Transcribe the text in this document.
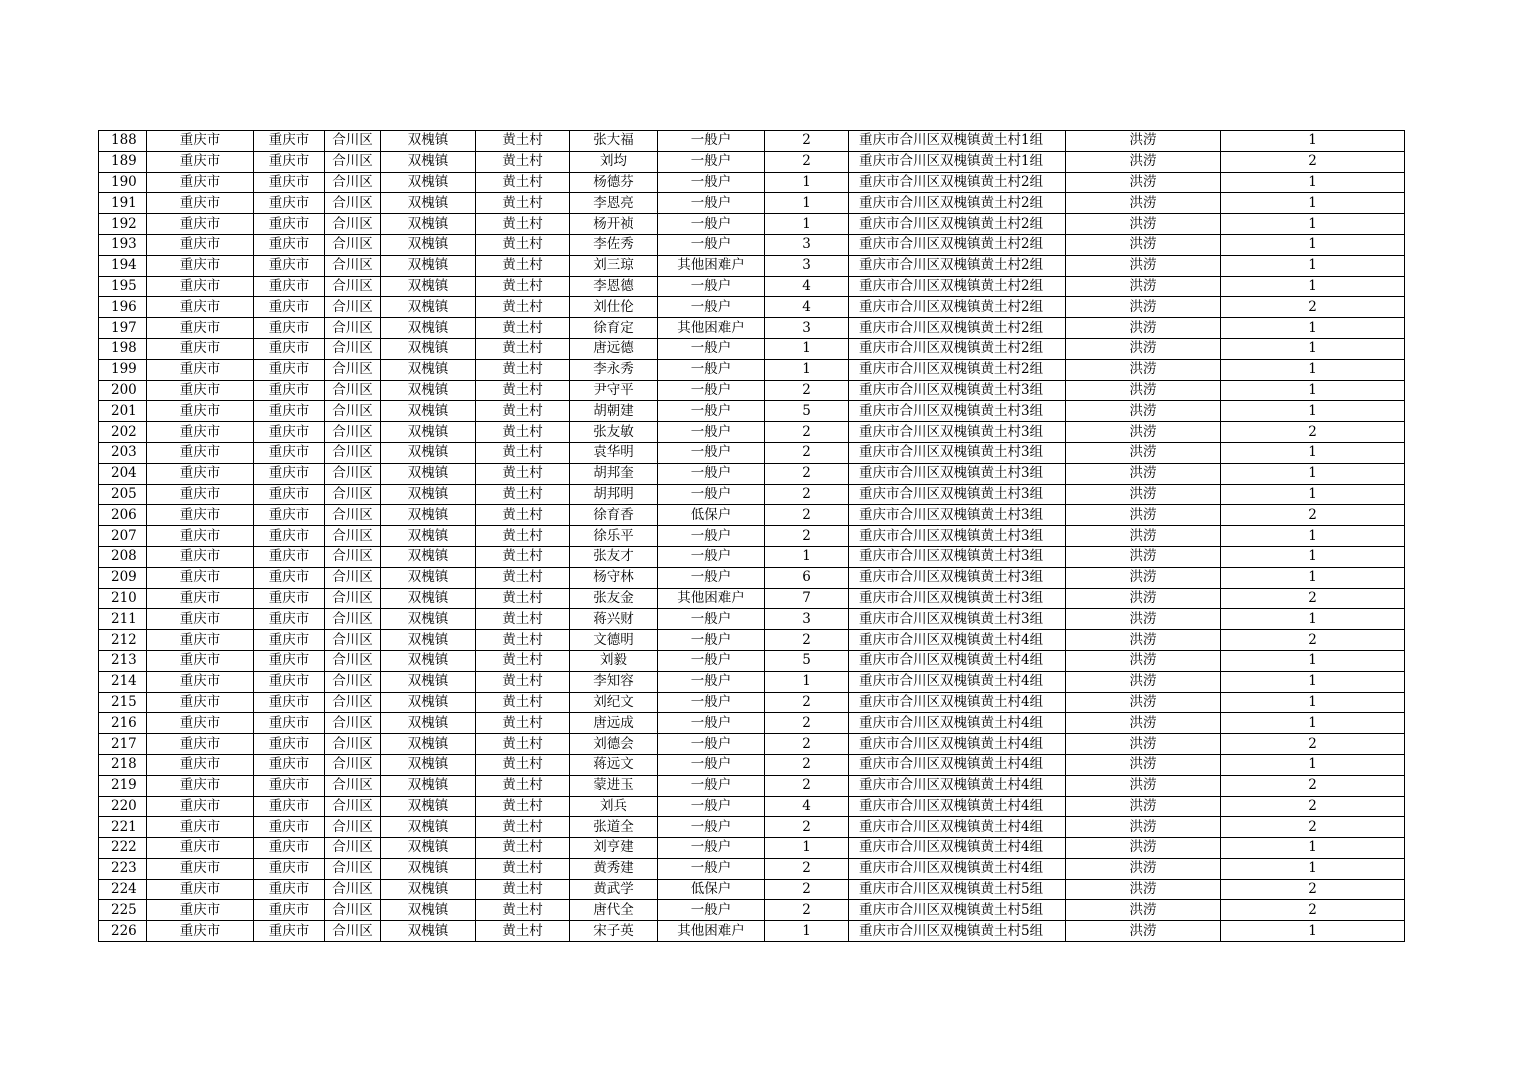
188	重庆市	重庆市	合川区	双槐镇	黄土村	张大福	一般户	2	重庆市合川区双槐镇黄土村1组	洪涝	1
189	重庆市	重庆市	合川区	双槐镇	黄土村	刘均	一般户	2	重庆市合川区双槐镇黄土村1组	洪涝	2
190	重庆市	重庆市	合川区	双槐镇	黄土村	杨德芬	一般户	1	重庆市合川区双槐镇黄土村2组	洪涝	1
191	重庆市	重庆市	合川区	双槐镇	黄土村	李恩亮	一般户	1	重庆市合川区双槐镇黄土村2组	洪涝	1
192	重庆市	重庆市	合川区	双槐镇	黄土村	杨开祯	一般户	1	重庆市合川区双槐镇黄土村2组	洪涝	1
193	重庆市	重庆市	合川区	双槐镇	黄土村	李佐秀	一般户	3	重庆市合川区双槐镇黄土村2组	洪涝	1
194	重庆市	重庆市	合川区	双槐镇	黄土村	刘三琼	其他困难户	3	重庆市合川区双槐镇黄土村2组	洪涝	1
195	重庆市	重庆市	合川区	双槐镇	黄土村	李恩德	一般户	4	重庆市合川区双槐镇黄土村2组	洪涝	1
196	重庆市	重庆市	合川区	双槐镇	黄土村	刘仕伦	一般户	4	重庆市合川区双槐镇黄土村2组	洪涝	2
197	重庆市	重庆市	合川区	双槐镇	黄土村	徐育定	其他困难户	3	重庆市合川区双槐镇黄土村2组	洪涝	1
198	重庆市	重庆市	合川区	双槐镇	黄土村	唐远德	一般户	1	重庆市合川区双槐镇黄土村2组	洪涝	1
199	重庆市	重庆市	合川区	双槐镇	黄土村	李永秀	一般户	1	重庆市合川区双槐镇黄土村2组	洪涝	1
200	重庆市	重庆市	合川区	双槐镇	黄土村	尹守平	一般户	2	重庆市合川区双槐镇黄土村3组	洪涝	1
201	重庆市	重庆市	合川区	双槐镇	黄土村	胡朝建	一般户	5	重庆市合川区双槐镇黄土村3组	洪涝	1
202	重庆市	重庆市	合川区	双槐镇	黄土村	张友敏	一般户	2	重庆市合川区双槐镇黄土村3组	洪涝	2
203	重庆市	重庆市	合川区	双槐镇	黄土村	袁华明	一般户	2	重庆市合川区双槐镇黄土村3组	洪涝	1
204	重庆市	重庆市	合川区	双槐镇	黄土村	胡邦奎	一般户	2	重庆市合川区双槐镇黄土村3组	洪涝	1
205	重庆市	重庆市	合川区	双槐镇	黄土村	胡邦明	一般户	2	重庆市合川区双槐镇黄土村3组	洪涝	1
206	重庆市	重庆市	合川区	双槐镇	黄土村	徐育香	低保户	2	重庆市合川区双槐镇黄土村3组	洪涝	2
207	重庆市	重庆市	合川区	双槐镇	黄土村	徐乐平	一般户	2	重庆市合川区双槐镇黄土村3组	洪涝	1
208	重庆市	重庆市	合川区	双槐镇	黄土村	张友才	一般户	1	重庆市合川区双槐镇黄土村3组	洪涝	1
209	重庆市	重庆市	合川区	双槐镇	黄土村	杨守林	一般户	6	重庆市合川区双槐镇黄土村3组	洪涝	1
210	重庆市	重庆市	合川区	双槐镇	黄土村	张友金	其他困难户	7	重庆市合川区双槐镇黄土村3组	洪涝	2
211	重庆市	重庆市	合川区	双槐镇	黄土村	蒋兴财	一般户	3	重庆市合川区双槐镇黄土村3组	洪涝	1
212	重庆市	重庆市	合川区	双槐镇	黄土村	文德明	一般户	2	重庆市合川区双槐镇黄土村4组	洪涝	2
213	重庆市	重庆市	合川区	双槐镇	黄土村	刘毅	一般户	5	重庆市合川区双槐镇黄土村4组	洪涝	1
214	重庆市	重庆市	合川区	双槐镇	黄土村	李知容	一般户	1	重庆市合川区双槐镇黄土村4组	洪涝	1
215	重庆市	重庆市	合川区	双槐镇	黄土村	刘纪文	一般户	2	重庆市合川区双槐镇黄土村4组	洪涝	1
216	重庆市	重庆市	合川区	双槐镇	黄土村	唐远成	一般户	2	重庆市合川区双槐镇黄土村4组	洪涝	1
217	重庆市	重庆市	合川区	双槐镇	黄土村	刘德会	一般户	2	重庆市合川区双槐镇黄土村4组	洪涝	2
218	重庆市	重庆市	合川区	双槐镇	黄土村	蒋远文	一般户	2	重庆市合川区双槐镇黄土村4组	洪涝	1
219	重庆市	重庆市	合川区	双槐镇	黄土村	蒙进玉	一般户	2	重庆市合川区双槐镇黄土村4组	洪涝	2
220	重庆市	重庆市	合川区	双槐镇	黄土村	刘兵	一般户	4	重庆市合川区双槐镇黄土村4组	洪涝	2
221	重庆市	重庆市	合川区	双槐镇	黄土村	张道全	一般户	2	重庆市合川区双槐镇黄土村4组	洪涝	2
222	重庆市	重庆市	合川区	双槐镇	黄土村	刘亨建	一般户	1	重庆市合川区双槐镇黄土村4组	洪涝	1
223	重庆市	重庆市	合川区	双槐镇	黄土村	黄秀建	一般户	2	重庆市合川区双槐镇黄土村4组	洪涝	1
224	重庆市	重庆市	合川区	双槐镇	黄土村	黄武学	低保户	2	重庆市合川区双槐镇黄土村5组	洪涝	2
225	重庆市	重庆市	合川区	双槐镇	黄土村	唐代全	一般户	2	重庆市合川区双槐镇黄土村5组	洪涝	2
226	重庆市	重庆市	合川区	双槐镇	黄土村	宋子英	其他困难户	1	重庆市合川区双槐镇黄土村5组	洪涝	1
